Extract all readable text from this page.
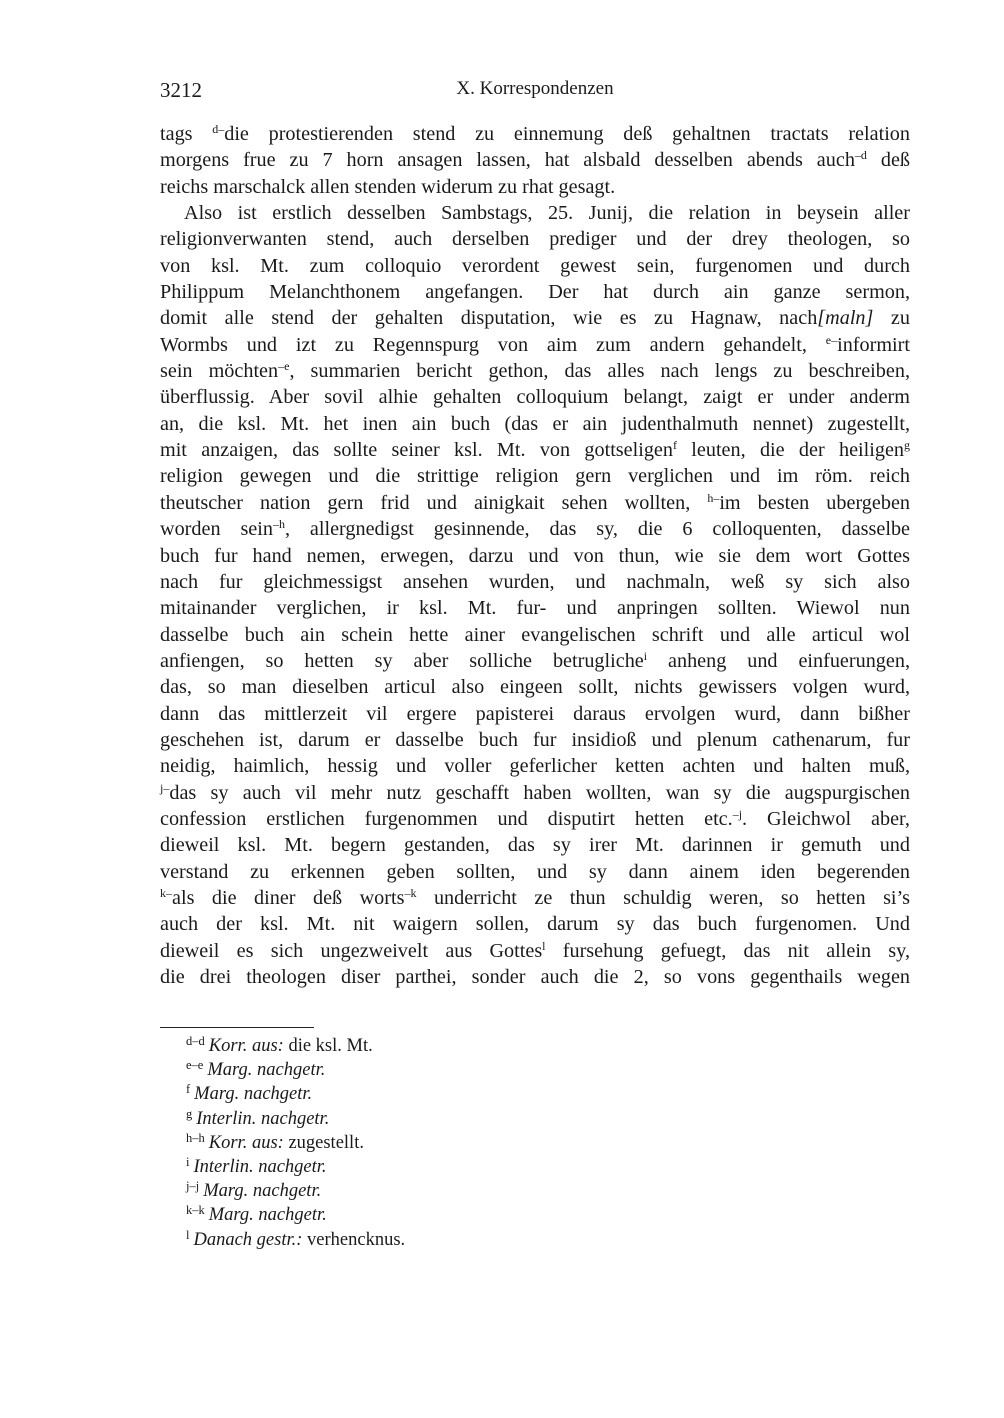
3212	X. Korrespondenzen
tags $^{d-}$die protestierenden stend zu einnemung deß gehaltnen tractats relation
morgens frue zu 7 horn ansagen lassen, hat alsbald desselben abends auch$^{-d}$ deß
reichs marschalck allen stenden widerum zu rhat gesagt.
Also ist erstlich desselben Sambstags, 25. Junij, die relation in beysein aller
religionverwanten stend, auch derselben prediger und der drey theologen, so
von ksl. Mt. zum colloquio verordent gewest sein, furgenomen und durch
Philippum Melanchthonem angefangen. Der hat durch ain ganze sermon,
domit alle stend der gehalten disputation, wie es zu Hagnaw, nach[maln] zu
Wormbs und izt zu Regennspurg von aim zum andern gehandelt, $^{e-}$informirt
sein möchten$^{-e}$, summarien bericht gethon, das alles nach lengs zu beschreiben,
überflussig. Aber sovil alhie gehalten colloquium belangt, zaigt er under anderm
an, die ksl. Mt. het inen ain buch (das er ain judenthalmuth nennet) zugestellt,
mit anzaigen, das sollte seiner ksl. Mt. von gottseligen$^f$ leuten, die der heiligen$^g$
religion gewegen und die strittige religion gern verglichen und im röm. reich
theutscher nation gern frid und ainigkait sehen wollten, $^{h-}$im besten ubergeben
worden sein$^{-h}$, allergnedigst gesinnende, das sy, die 6 colloquenten, dasselbe
buch fur hand nemen, erwegen, darzu und von thun, wie sie dem wort Gottes
nach fur gleichmessigst ansehen wurden, und nachmaln, weß sy sich also
mitainander verglichen, ir ksl. Mt. fur- und anpringen sollten. Wiewol nun
dasselbe buch ain schein hette ainer evangelischen schrift und alle articul wol
anfiengen, so hetten sy aber solliche betrugliche$^i$ anheng und einfuerungen,
das, so man dieselben articul also eingeen sollt, nichts gewissers volgen wurd,
dann das mittlerzeit vil ergere papisterei daraus ervolgen wurd, dann bißher
geschehen ist, darum er dasselbe buch fur insidioß und plenum cathenarum, fur
neidig, haimlich, hessig und voller geferlicher ketten achten und halten muß,
$^{j-}$das sy auch vil mehr nutz geschafft haben wollten, wan sy die augspurgischen
confession erstlichen furgenommen und disputirt hetten etc.$^{-j}$. Gleichwol aber,
dieweil ksl. Mt. begern gestanden, das sy irer Mt. darinnen ir gemuth und
verstand zu erkennen geben sollten, und sy dann ainem iden begerenden
$^{k-}$als die diner deß worts$^{-k}$ underricht ze thun schuldig weren, so hetten si’s
auch der ksl. Mt. nit waigern sollen, darum sy das buch furgenomen. Und
dieweil es sich ungezweivelt aus Gottes$^l$ fursehung gefuegt, das nit allein sy,
die drei theologen diser parthei, sonder auch die 2, so vons gegenthails wegen
$^{d-d}$ Korr. aus: die ksl. Mt.
$^{e-e}$ Marg. nachgetr.
$^f$ Marg. nachgetr.
$^g$ Interlin. nachgetr.
$^{h-h}$ Korr. aus: zugestellt.
$^i$ Interlin. nachgetr.
$^{j-j}$ Marg. nachgetr.
$^{k-k}$ Marg. nachgetr.
$^l$ Danach gestr.: verhencknus.
